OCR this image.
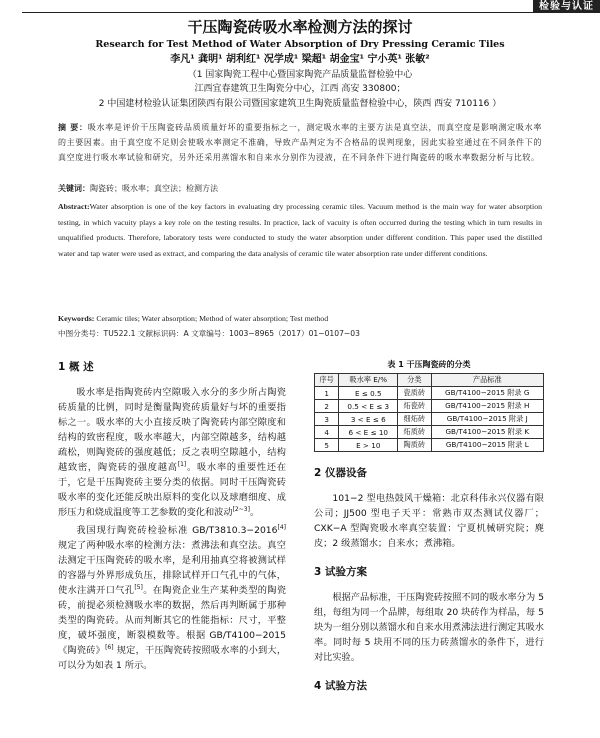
检验与认证
干压陶瓷砖吸水率检测方法的探讨
Research for Test Method of Water Absorption of Dry Pressing Ceramic Tiles
李凡¹ 龚明¹ 胡利红¹ 况学成¹ 梁超¹ 胡金宝¹ 宁小英¹ 张敏²
（1 国家陶瓷工程中心暨国家陶瓷产品质量监督检验中心
江西宜春建筑卫生陶瓷分中心，江西 高安 330800；
2 中国建材检验认证集团陕西有限公司暨国家建筑卫生陶瓷质量监督检验中心，陕西 西安 710116 ）
摘 要：吸水率是评价干压陶瓷砖品质质量好坏的重要指标之一，测定吸水率的主要方法是真空法，而真空度是影响测定吸水率的主要因素。由于真空度不足则会使吸水率测定不准确，导致产品判定为不合格品的误判现象，因此实验室通过在不同条件下的真空度进行吸水率试验和研究，另外还采用蒸馏水和自来水分别作为浸液，在不同条件下进行陶瓷砖的吸水率数据分析与比较。
关键词：陶瓷砖；吸水率；真空法；检测方法
Abstract:Water absorption is one of the key factors in evaluating dry processing ceramic tiles. Vacuum method is the main way for water absorption testing, in which vacuity plays a key role on the testing results. In practice, lack of vacuity is often occurred during the testing which in turn results in unqualified products. Therefore, laboratory tests were conducted to study the water absorption under different condition. This paper used the distilled water and tap water were used as extract, and comparing the data analysis of ceramic tile water absorption rate under different conditions.
Keywords: Ceramic tiles; Water absorption; Method of water absorption; Test method
中图分类号：TU522.1 文献标识码：A 文章编号：1003−8965（2017）01−0107−03
1 概 述

吸水率是指陶瓷砖内空隙吸入水分的多少所占陶瓷砖质量的比例，同时是衡量陶瓷砖质量好与坏的重要指标之一。吸水率的大小直接反映了陶瓷砖内部空隙度和结构的致密程度，吸水率越大，内部空隙越多，结构越疏松，则陶瓷砖的强度越低；反之表明空隙越小，结构越致密，陶瓷砖的强度越高[1]。吸水率的重要性还在于，它是干压陶瓷砖主要分类的依据。同时干压陶瓷砖吸水率的变化还能反映出原料的变化以及球磨细度、成形压力和烧成温度等工艺参数的变化和波动[2~3]。

我国现行陶瓷砖检验标准 GB/T3810.3−2016[4] 规定了两种吸水率的检测方法：煮沸法和真空法。真空法测定干压陶瓷砖的吸水率，是利用抽真空将被测试样的容器与外界形成负压，排除试样开口气孔中的气体，使水注满开口气孔[5]。在陶瓷企业生产某种类型的陶瓷砖，前提必须检测吸水率的数据，然后再判断属于那种类型的陶瓷砖。从而判断其它的性能指标：尺寸，平整度，破坏强度，断裂模数等。根据 GB/T4100−2015《陶瓷砖》[6] 规定，干压陶瓷砖按照吸水率的小到大，可以分为如表 1 所示。

表 1 干压陶瓷砖的分类
序号	吸水率 E/%	分类	产品标准
1	E ≤ 0.5	瓷质砖	GB/T4100−2015 附录 G
2	0.5 < E ≤ 3	炻瓷砖	GB/T4100−2015 附录 H
3	3 < E ≤ 6	细炻砖	GB/T4100−2015 附录 J
4	6 < E ≤ 10	炻质砖	GB/T4100−2015 附录 K
5	E > 10	陶质砖	GB/T4100−2015 附录 L
2 仪器设备

101−2 型电热鼓风干燥箱：北京科伟永兴仪器有限公司；JJ500 型电子天平：常熟市双杰测试仪器厂；CXK−A 型陶瓷吸水率真空装置：宁夏机械研究院；麂皮；2 级蒸馏水；自来水；煮沸箱。

3 试验方案

根据产品标准，干压陶瓷砖按照不同的吸水率分为 5 组，每组为同一个品牌，每组取 20 块砖作为样品，每 5 块为一组分别以蒸馏水和自来水用煮沸法进行测定其吸水率。同时每 5 块用不同的压力砖蒸馏水的条件下，进行对比实验。

4 试验方法
